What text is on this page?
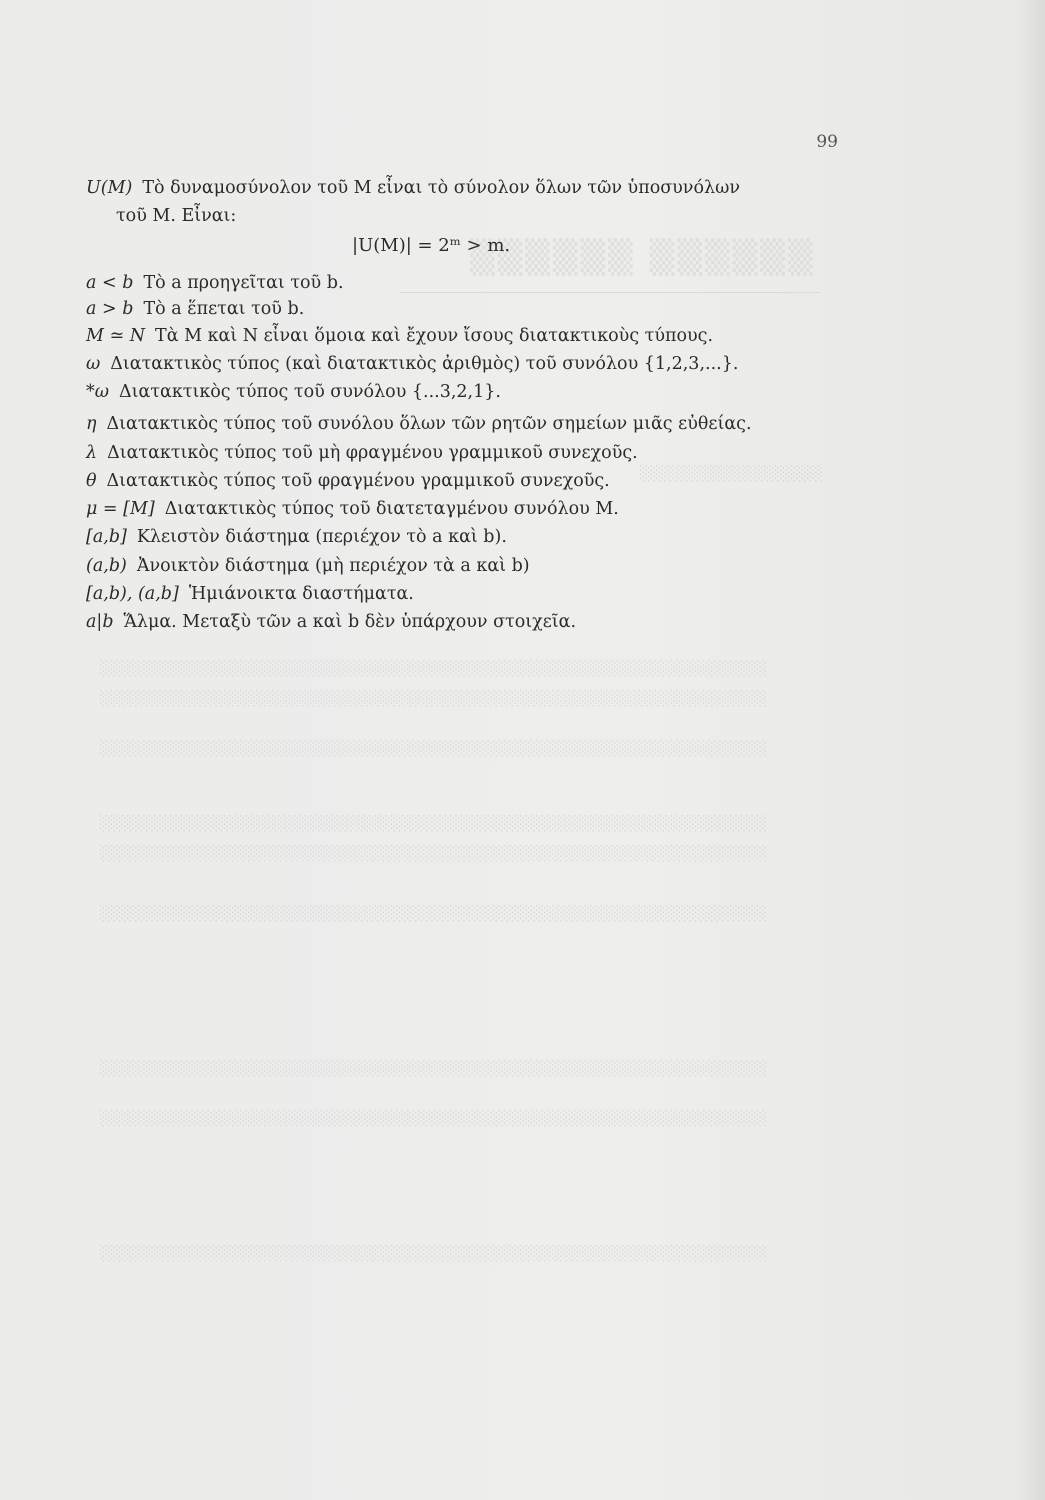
▒▒▒▒▒▒ ▒▒▒▒▒▒
░░░░░░░░░░░░░░░░░
░░░░░░░░░░░░░░░░░░░░░░░░░░░░░░░░░░░░░░░░░░░░░░░░░░░░░░░░░░░░░░
░░░░░░░░░░░░░░░░░░░░░░░░░░░░░░░░░░░░░░░░░░░░░░░░░░░░░░░░░░░░░░
░░░░░░░░░░░░░░░░░░░░░░░░░░░░░░░░░░░░░░░░░░░░░░░░░░░░░░░░░░░░░░
░░░░░░░░░░░░░░░░░░░░░░░░░░░░░░░░░░░░░░░░░░░░░░░░░░░░░░░░░░░░░░
░░░░░░░░░░░░░░░░░░░░░░░░░░░░░░░░░░░░░░░░░░░░░░░░░░░░░░░░░░░░░░
░░░░░░░░░░░░░░░░░░░░░░░░░░░░░░░░░░░░░░░░░░░░░░░░░░░░░░░░░░░░░░
░░░░░░░░░░░░░░░░░░░░░░░░░░░░░░░░░░░░░░░░░░░░░░░░░░░░░░░░░░░░░░
░░░░░░░░░░░░░░░░░░░░░░░░░░░░░░░░░░░░░░░░░░░░░░░░░░░░░░░░░░░░░░
░░░░░░░░░░░░░░░░░░░░░░░░░░░░░░░░░░░░░░░░░░░░░░░░░░░░░░░░░░░░░░
99
U(M) Τὸ δυναμοσύνολον τοῦ M εἶναι τὸ σύνολον ὅλων τῶν ὑποσυνόλων
τοῦ M. Εἶναι:
|U(M)| = 2ᵐ > m.
a < b Τὸ a προηγεῖται τοῦ b.
a > b Τὸ a ἕπεται τοῦ b.
M ≃ N Τὰ M καὶ N εἶναι ὅμοια καὶ ἔχουν ἴσους διατακτικοὺς τύπους.
ω Διατακτικὸς τύπος (καὶ διατακτικὸς ἀριθμὸς) τοῦ συνόλου {1,2,3,...}.
*ω Διατακτικὸς τύπος τοῦ συνόλου {...3,2,1}.
η Διατακτικὸς τύπος τοῦ συνόλου ὅλων τῶν ρητῶν σημείων μιᾶς εὐθείας.
λ Διατακτικὸς τύπος τοῦ μὴ φραγμένου γραμμικοῦ συνεχοῦς.
θ Διατακτικὸς τύπος τοῦ φραγμένου γραμμικοῦ συνεχοῦς.
μ = [M] Διατακτικὸς τύπος τοῦ διατεταγμένου συνόλου M.
[a,b] Κλειστὸν διάστημα (περιέχον τὸ a καὶ b).
(a,b) Ἀνοικτὸν διάστημα (μὴ περιέχον τὰ a καὶ b)
[a,b), (a,b] Ἡμιάνοικτα διαστήματα.
a|b Ἅλμα. Μεταξὺ τῶν a καὶ b δὲν ὑπάρχουν στοιχεῖα.
